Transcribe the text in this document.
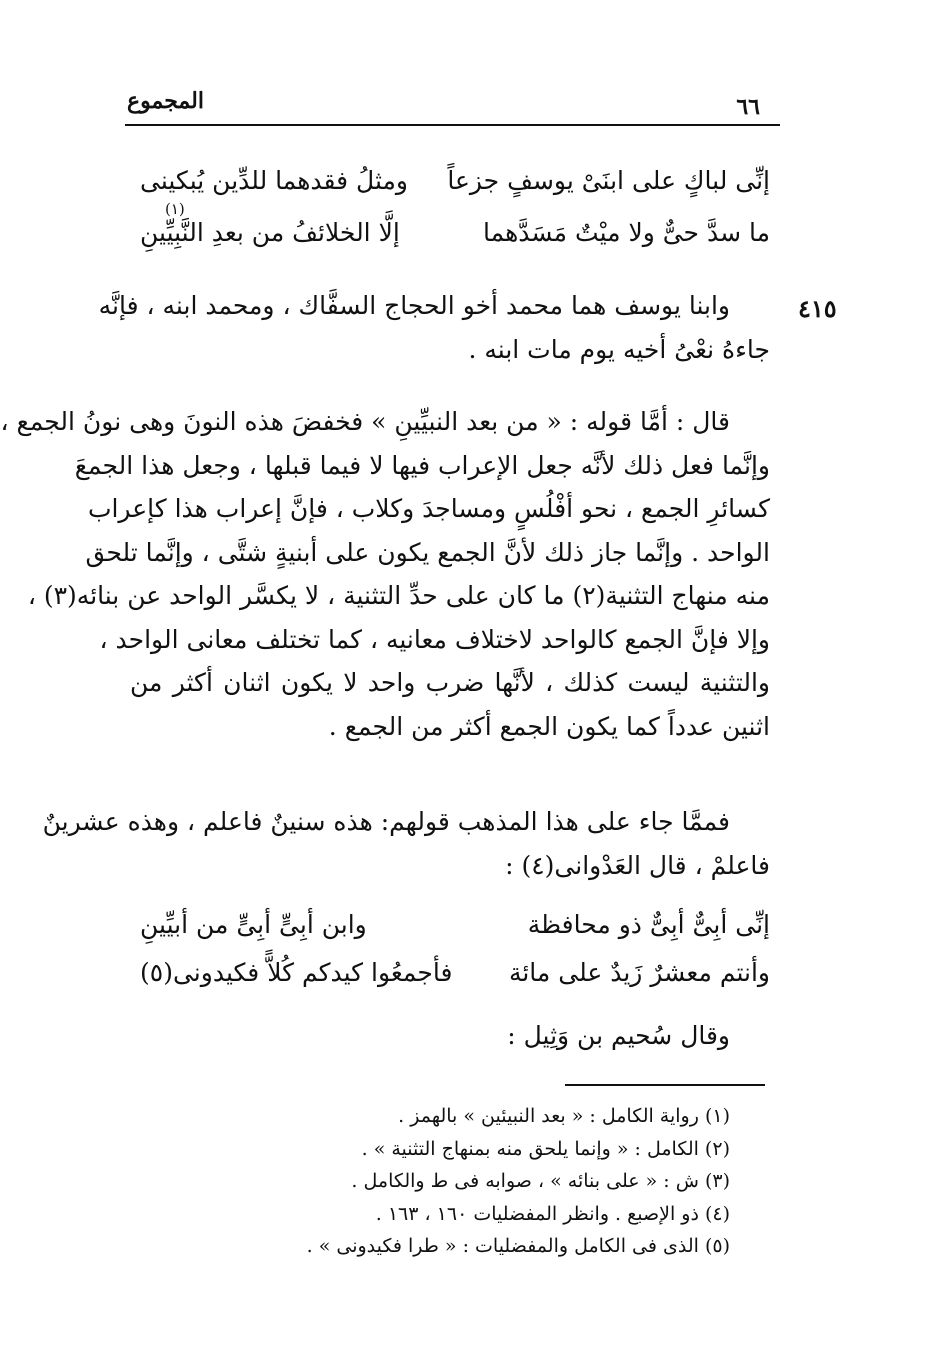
٦٦
المجموع
إنِّى لباكٍ على ابنَىْ يوسفٍ جزعاً
ومثلُ فقدهما للدِّين يُبكينى
ما سدَّ حىٌّ ولا ميْتٌ مَسَدَّهما
إلَّا الخلائفُ من بعدِ النَّبِيِّينِ
(١)
٤١٥
وابنا يوسف هما محمد أخو الحجاج السفَّاك ، ومحمد ابنه ، فإنَّه
جاءهُ نعْىُ أخيه يوم مات ابنه .
قال : أمَّا قوله : « من بعد النبيِّينِ » فخفضَ هذه النونَ وهى نونُ الجمع ،
وإنَّما فعل ذلك لأنَّه جعل الإعراب فيها لا فيما قبلها ، وجعل هذا الجمعَ
كسائرِ الجمع ، نحو أفْلُسٍ ومساجدَ وكلاب ، فإنَّ إعراب هذا كإعراب
الواحد . وإنَّما جاز ذلك لأنَّ الجمع يكون على أبنيةٍ شتَّى ، وإنَّما تلحق
منه منهاج التثنية(٢) ما كان على حدِّ التثنية ، لا يكسَّر الواحد عن بنائه(٣) ،
وإلا فإنَّ الجمع كالواحد لاختلاف معانيه ، كما تختلف معانى الواحد ،
والتثنية ليست كذلك ، لأنَّها ضرب واحد لا يكون اثنان أكثر من
اثنين عدداً كما يكون الجمع أكثر من الجمع .
فممَّا جاء على هذا المذهب قولهم: هذه سنينٌ فاعلم ، وهذه عشرينٌ
فاعلمْ ، قال العَدْوانى(٤) :
إنِّى أبِىٌّ أبِىٌّ ذو محافظة
وابن أبِىٍّ أبِىٍّ من أبيِّينِ
وأنتم معشرٌ زَيدٌ على مائة
فأجمعُوا كيدكم كُلاًّ فكيدونى(٥)
وقال سُحيم بن وَثِيل :
(١) رواية الكامل : « بعد النبيئين » بالهمز .
(٢) الكامل : « وإنما يلحق منه بمنهاج التثنية » .
(٣) ش : « على بنائه » ، صوابه فى ط والكامل .
(٤) ذو الإصبع . وانظر المفضليات ١٦٠ ، ١٦٣ .
(٥) الذى فى الكامل والمفضليات : « طرا فكيدونى » .
